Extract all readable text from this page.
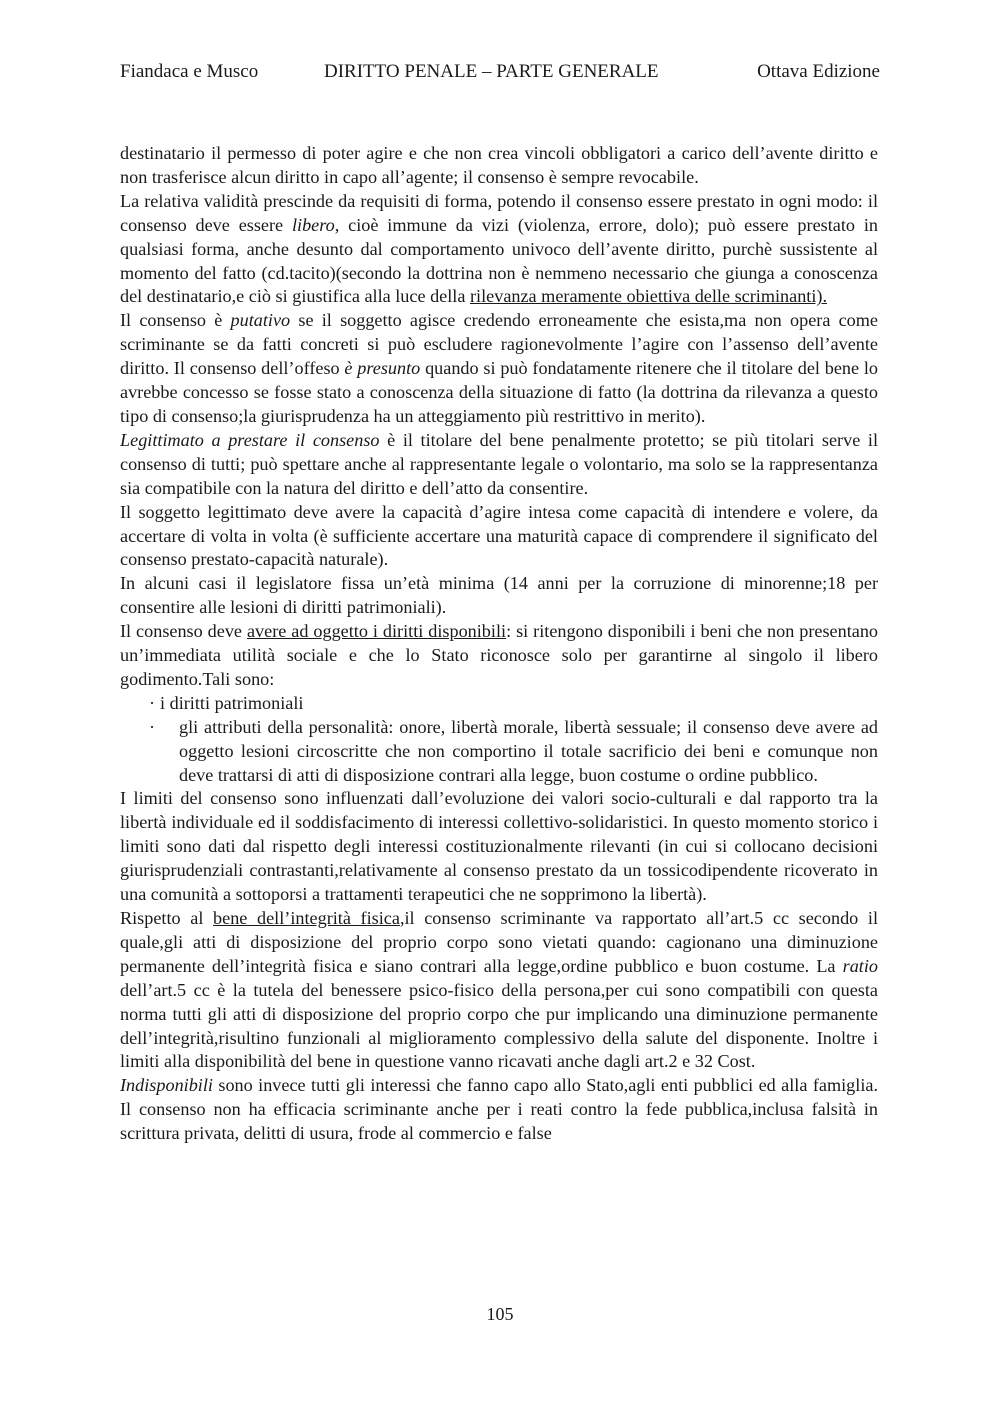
Fiandaca e Musco	DIRITTO PENALE – PARTE GENERALE	Ottava Edizione

destinatario il permesso di poter agire e che non crea vincoli obbligatori a carico dell’avente diritto e non trasferisce alcun diritto in capo all’agente; il consenso è sempre revocabile.

La relativa validità prescinde da requisiti di forma, potendo il consenso essere prestato in ogni modo: il consenso deve essere libero, cioè immune da vizi (violenza, errore, dolo); può essere prestato in qualsiasi forma, anche desunto dal comportamento univoco dell’avente diritto, purchè sussistente al momento del fatto (cd.tacito)(secondo la dottrina non è nemmeno necessario che giunga a conoscenza del destinatario,e ciò si giustifica alla luce della rilevanza meramente obiettiva delle scriminanti).

Il consenso è putativo se il soggetto agisce credendo erroneamente che esista,ma non opera come scriminante se da fatti concreti si può escludere ragionevolmente l’agire con l’assenso dell’avente diritto. Il consenso dell’offeso è presunto quando si può fondatamente ritenere che il titolare del bene lo avrebbe concesso se fosse stato a conoscenza della situazione di fatto (la dottrina da rilevanza a questo tipo di consenso;la giurisprudenza ha un atteggiamento più restrittivo in merito).

Legittimato a prestare il consenso è il titolare del bene penalmente protetto; se più titolari serve il consenso di tutti; può spettare anche al rappresentante legale o volontario, ma solo se la rappresentanza sia compatibile con la natura del diritto e dell’atto da consentire.

Il soggetto legittimato deve avere la capacità d’agire intesa come capacità di intendere e volere, da accertare di volta in volta (è sufficiente accertare una maturità capace di comprendere il significato del consenso prestato-capacità naturale).

In alcuni casi il legislatore fissa un’età minima (14 anni per la corruzione di minorenne;18 per consentire alle lesioni di diritti patrimoniali).

Il consenso deve avere ad oggetto i diritti disponibili: si ritengono disponibili i beni che non presentano un’immediata utilità sociale e che lo Stato riconosce solo per garantirne al singolo il libero godimento.Tali sono:

· i diritti patrimoniali
· gli attributi della personalità: onore, libertà morale, libertà sessuale; il consenso deve avere ad oggetto lesioni circoscritte che non comportino il totale sacrificio dei beni e comunque non deve trattarsi di atti di disposizione contrari alla legge, buon costume o ordine pubblico.

I limiti del consenso sono influenzati dall’evoluzione dei valori socio-culturali e dal rapporto tra la libertà individuale ed il soddisfacimento di interessi collettivo-solidaristici. In questo momento storico i limiti sono dati dal rispetto degli interessi costituzionalmente rilevanti (in cui si collocano decisioni giurisprudenziali contrastanti,relativamente al consenso prestato da un tossicodipendente ricoverato in una comunità a sottoporsi a trattamenti terapeutici che ne sopprimono la libertà).

Rispetto al bene dell’integrità fisica,il consenso scriminante va rapportato all’art.5 cc secondo il quale,gli atti di disposizione del proprio corpo sono vietati quando: cagionano una diminuzione permanente dell’integrità fisica e siano contrari alla legge,ordine pubblico e buon costume. La ratio dell’art.5 cc è la tutela del benessere psico-fisico della persona,per cui sono compatibili con questa norma tutti gli atti di disposizione del proprio corpo che pur implicando una diminuzione permanente dell’integrità,risultino funzionali al miglioramento complessivo della salute del disponente. Inoltre i limiti alla disponibilità del bene in questione vanno ricavati anche dagli art.2 e 32 Cost.

Indisponibili sono invece tutti gli interessi che fanno capo allo Stato,agli enti pubblici ed alla famiglia. Il consenso non ha efficacia scriminante anche per i reati contro la fede pubblica,inclusa falsità in scrittura privata, delitti di usura, frode al commercio e false

105
